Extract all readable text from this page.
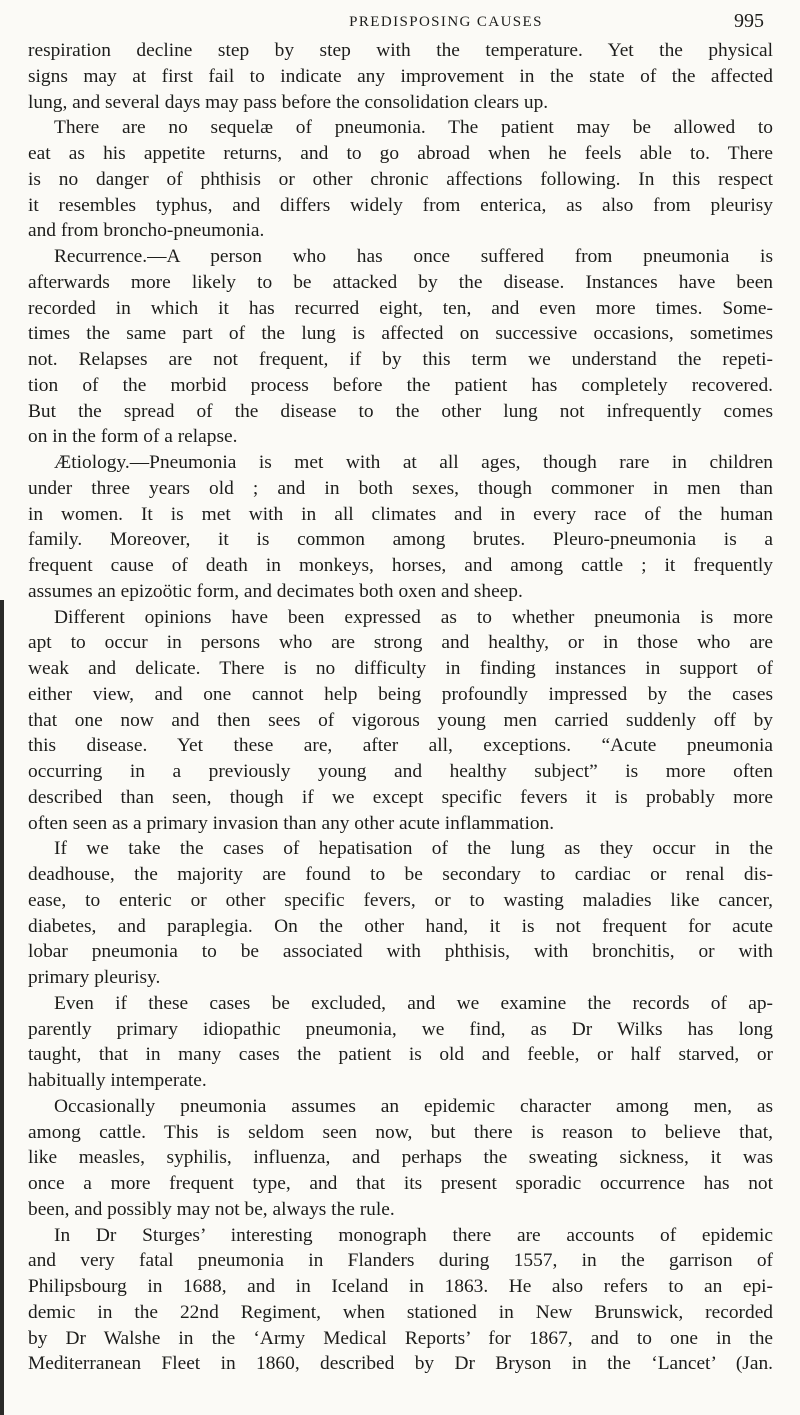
PREDISPOSING CAUSES	995
respiration decline step by step with the temperature. Yet the physical
signs may at first fail to indicate any improvement in the state of the affected
lung, and several days may pass before the consolidation clears up.
There are no sequelæ of pneumonia. The patient may be allowed to
eat as his appetite returns, and to go abroad when he feels able to. There
is no danger of phthisis or other chronic affections following. In this respect
it resembles typhus, and differs widely from enterica, as also from pleurisy
and from broncho-pneumonia.
Recurrence.—A person who has once suffered from pneumonia is
afterwards more likely to be attacked by the disease. Instances have been
recorded in which it has recurred eight, ten, and even more times. Some-
times the same part of the lung is affected on successive occasions, sometimes
not. Relapses are not frequent, if by this term we understand the repeti-
tion of the morbid process before the patient has completely recovered.
But the spread of the disease to the other lung not infrequently comes
on in the form of a relapse.
Ætiology.—Pneumonia is met with at all ages, though rare in children
under three years old ; and in both sexes, though commoner in men than
in women. It is met with in all climates and in every race of the human
family. Moreover, it is common among brutes. Pleuro-pneumonia is a
frequent cause of death in monkeys, horses, and among cattle ; it frequently
assumes an epizoötic form, and decimates both oxen and sheep.
Different opinions have been expressed as to whether pneumonia is more
apt to occur in persons who are strong and healthy, or in those who are
weak and delicate. There is no difficulty in finding instances in support of
either view, and one cannot help being profoundly impressed by the cases
that one now and then sees of vigorous young men carried suddenly off by
this disease. Yet these are, after all, exceptions. “Acute pneumonia
occurring in a previously young and healthy subject” is more often
described than seen, though if we except specific fevers it is probably more
often seen as a primary invasion than any other acute inflammation.
If we take the cases of hepatisation of the lung as they occur in the
deadhouse, the majority are found to be secondary to cardiac or renal dis-
ease, to enteric or other specific fevers, or to wasting maladies like cancer,
diabetes, and paraplegia. On the other hand, it is not frequent for acute
lobar pneumonia to be associated with phthisis, with bronchitis, or with
primary pleurisy.
Even if these cases be excluded, and we examine the records of ap-
parently primary idiopathic pneumonia, we find, as Dr Wilks has long
taught, that in many cases the patient is old and feeble, or half starved, or
habitually intemperate.
Occasionally pneumonia assumes an epidemic character among men, as
among cattle. This is seldom seen now, but there is reason to believe that,
like measles, syphilis, influenza, and perhaps the sweating sickness, it was
once a more frequent type, and that its present sporadic occurrence has not
been, and possibly may not be, always the rule.
In Dr Sturges’ interesting monograph there are accounts of epidemic
and very fatal pneumonia in Flanders during 1557, in the garrison of
Philipsbourg in 1688, and in Iceland in 1863. He also refers to an epi-
demic in the 22nd Regiment, when stationed in New Brunswick, recorded
by Dr Walshe in the ‘Army Medical Reports’ for 1867, and to one in the
Mediterranean Fleet in 1860, described by Dr Bryson in the ‘Lancet’ (Jan.
